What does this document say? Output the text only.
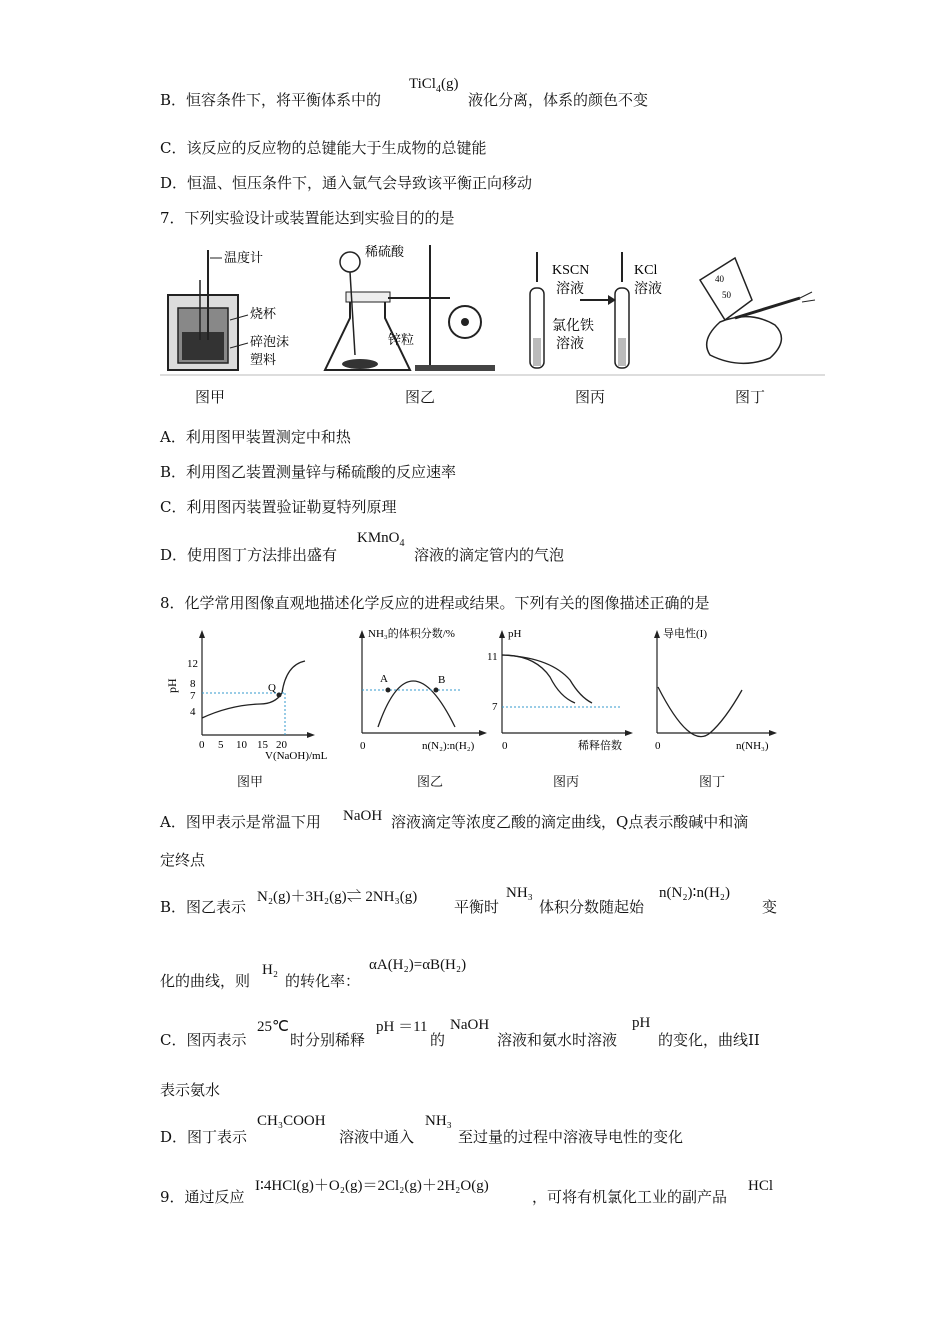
B．恒容条件下，将平衡体系中的
TiCl$_4$(g)
液化分离，体系的颜色不变
C．该反应的反应物的总键能大于生成物的总键能
D．恒温、恒压条件下，通入氩气会导致该平衡正向移动
7．下列实验设计或装置能达到实验目的的是
温度计
烧杯
碎泡沫
塑料
稀硫酸
锌粒
KSCN
溶液
KCl
溶液
氯化铁
溶液
40
50
图甲	图乙	图丙	图丁
A．利用图甲装置测定中和热
B．利用图乙装置测量锌与稀硫酸的反应速率
C．利用图丙装置验证勒夏特列原理
D．使用图丁方法排出盛有
KMnO$_4$
溶液的滴定管内的气泡
8．化学常用图像直观地描述化学反应的进程或结果。下列有关的图像描述正确的是
pH
12
8
7
4
0 5 10 15 20
V(NaOH)/mL
Q
NH₃的体积分数/%
A	B
0	n(N₂):n(H₂)
pH
11
7
0	稀释倍数
导电性(I)
0	n(NH₃)
图甲	图乙	图丙	图丁
A．图甲表示是常温下用 NaOH 溶液滴定等浓度乙酸的滴定曲线，Q点表示酸碱中和滴
定终点
B．图乙表示
N₂(g)＋3H₂(g)⇌ 2NH₃(g)
平衡时
NH₃
体积分数随起始
n(N₂)∶n(H₂)
变
化的曲线，则
H₂
的转化率：
αA(H₂)=αB(H₂)
C．图丙表示
25℃
时分别稀释
pH ＝11
的
NaOH
溶液和氨水时溶液
pH
的变化，曲线II
表示氨水
D．图丁表示
CH₃COOH
溶液中通入
NH₃
至过量的过程中溶液导电性的变化
9．通过反应
I∶4HCl(g)＋O₂(g)＝2Cl₂(g)＋2H₂O(g)
，可将有机氯化工业的副产品
HCl
